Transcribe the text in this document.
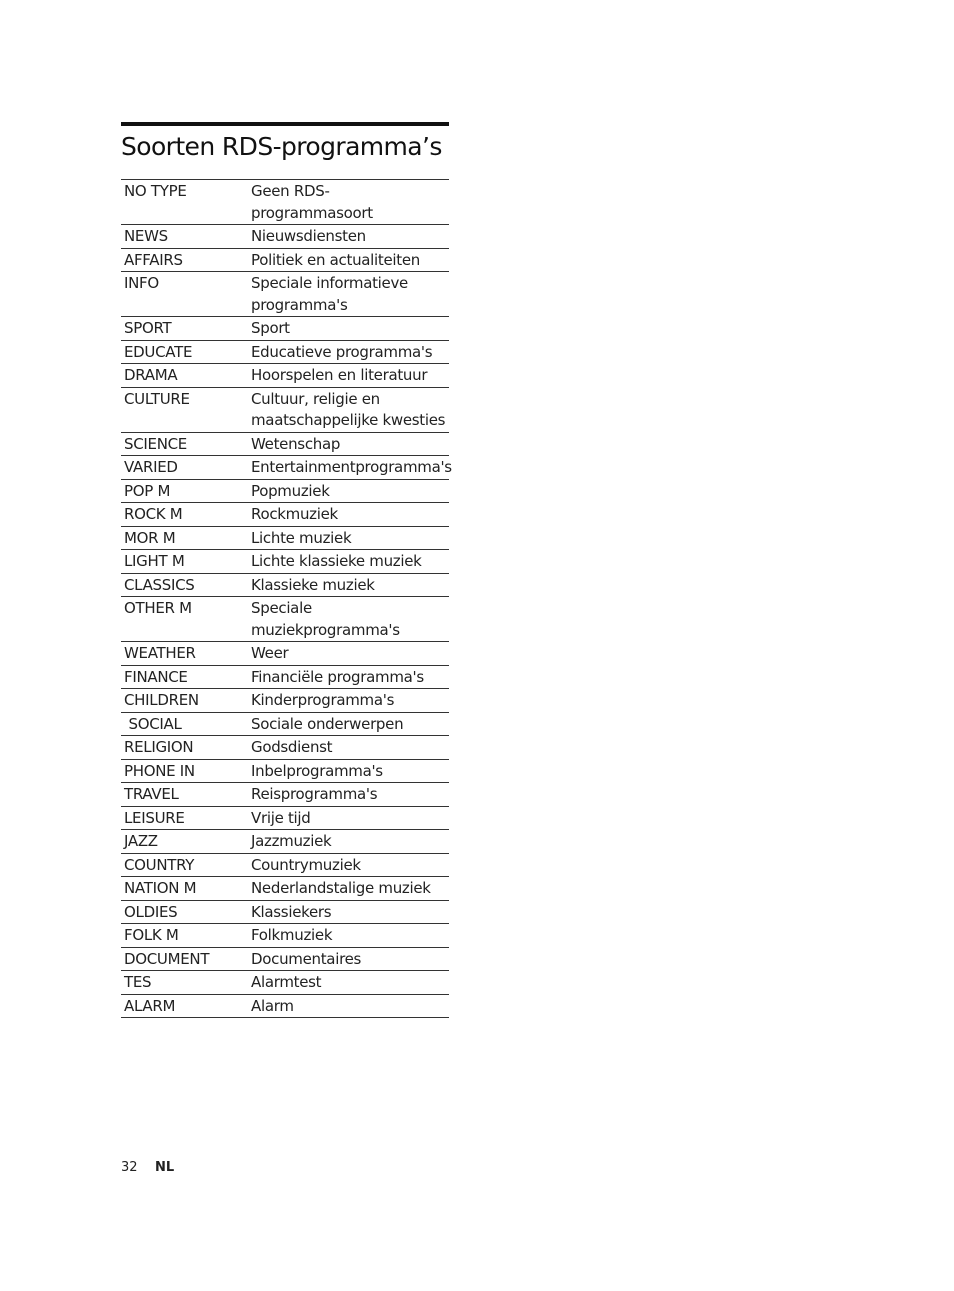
Soorten RDS-programma’s
NO TYPE	Geen RDS-
programmasoort

NEWS	Nieuwsdiensten

AFFAIRS	Politiek en actualiteiten

INFO	Speciale informatieve
programma's

SPORT	Sport

EDUCATE	Educatieve programma's

DRAMA	Hoorspelen en literatuur

CULTURE	Cultuur, religie en
maatschappelijke kwesties

SCIENCE	Wetenschap

VARIED	Entertainmentprogramma's

POP M	Popmuziek

ROCK M	Rockmuziek

MOR M	Lichte muziek

LIGHT M	Lichte klassieke muziek

CLASSICS	Klassieke muziek

OTHER M	Speciale
muziekprogramma's

WEATHER	Weer

FINANCE	Financiële programma's

CHILDREN	Kinderprogramma's

SOCIAL	Sociale onderwerpen

RELIGION	Godsdienst

PHONE IN	Inbelprogramma's

TRAVEL	Reisprogramma's

LEISURE	Vrije tijd

JAZZ	Jazzmuziek

COUNTRY	Countrymuziek

NATION M	Nederlandstalige muziek

OLDIES	Klassiekers

FOLK M	Folkmuziek

DOCUMENT	Documentaires

TES	Alarmtest

ALARM	Alarm
32 NL
